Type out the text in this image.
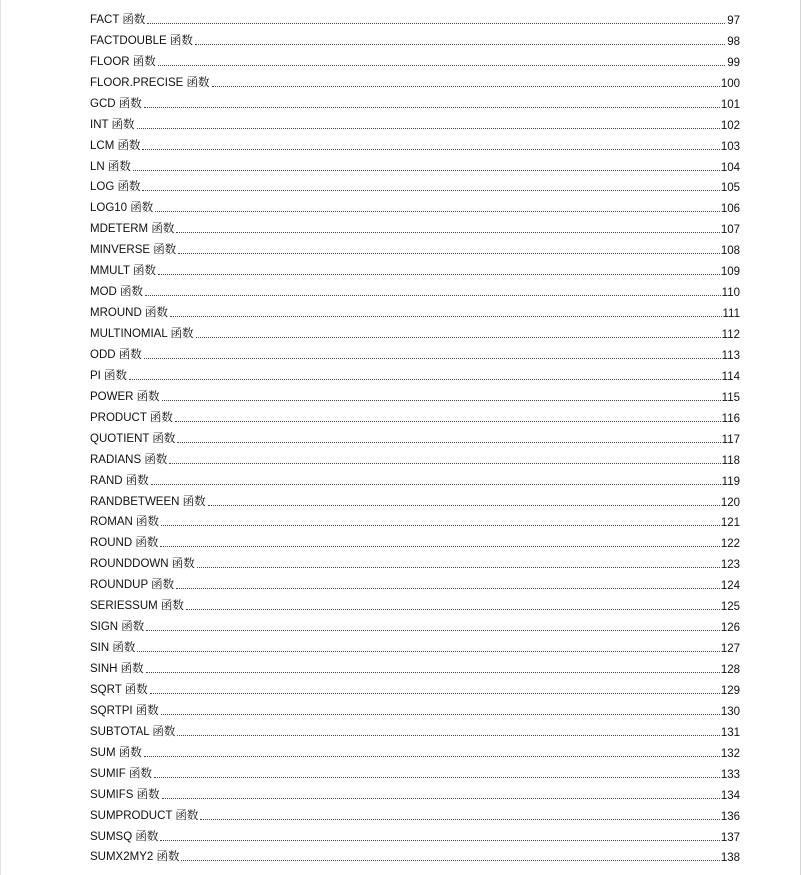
FACT 函数	97
FACTDOUBLE 函数	98
FLOOR 函数	99
FLOOR.PRECISE 函数	100
GCD 函数	101
INT 函数	102
LCM 函数	103
LN 函数	104
LOG 函数	105
LOG10 函数	106
MDETERM 函数	107
MINVERSE 函数	108
MMULT 函数	109
MOD 函数	110
MROUND 函数	111
MULTINOMIAL 函数	112
ODD 函数	113
PI 函数	114
POWER 函数	115
PRODUCT 函数	116
QUOTIENT 函数	117
RADIANS 函数	118
RAND 函数	119
RANDBETWEEN 函数	120
ROMAN 函数	121
ROUND 函数	122
ROUNDDOWN 函数	123
ROUNDUP 函数	124
SERIESSUM 函数	125
SIGN 函数	126
SIN 函数	127
SINH 函数	128
SQRT 函数	129
SQRTPI 函数	130
SUBTOTAL 函数	131
SUM 函数	132
SUMIF 函数	133
SUMIFS 函数	134
SUMPRODUCT 函数	136
SUMSQ 函数	137
SUMX2MY2 函数	138
